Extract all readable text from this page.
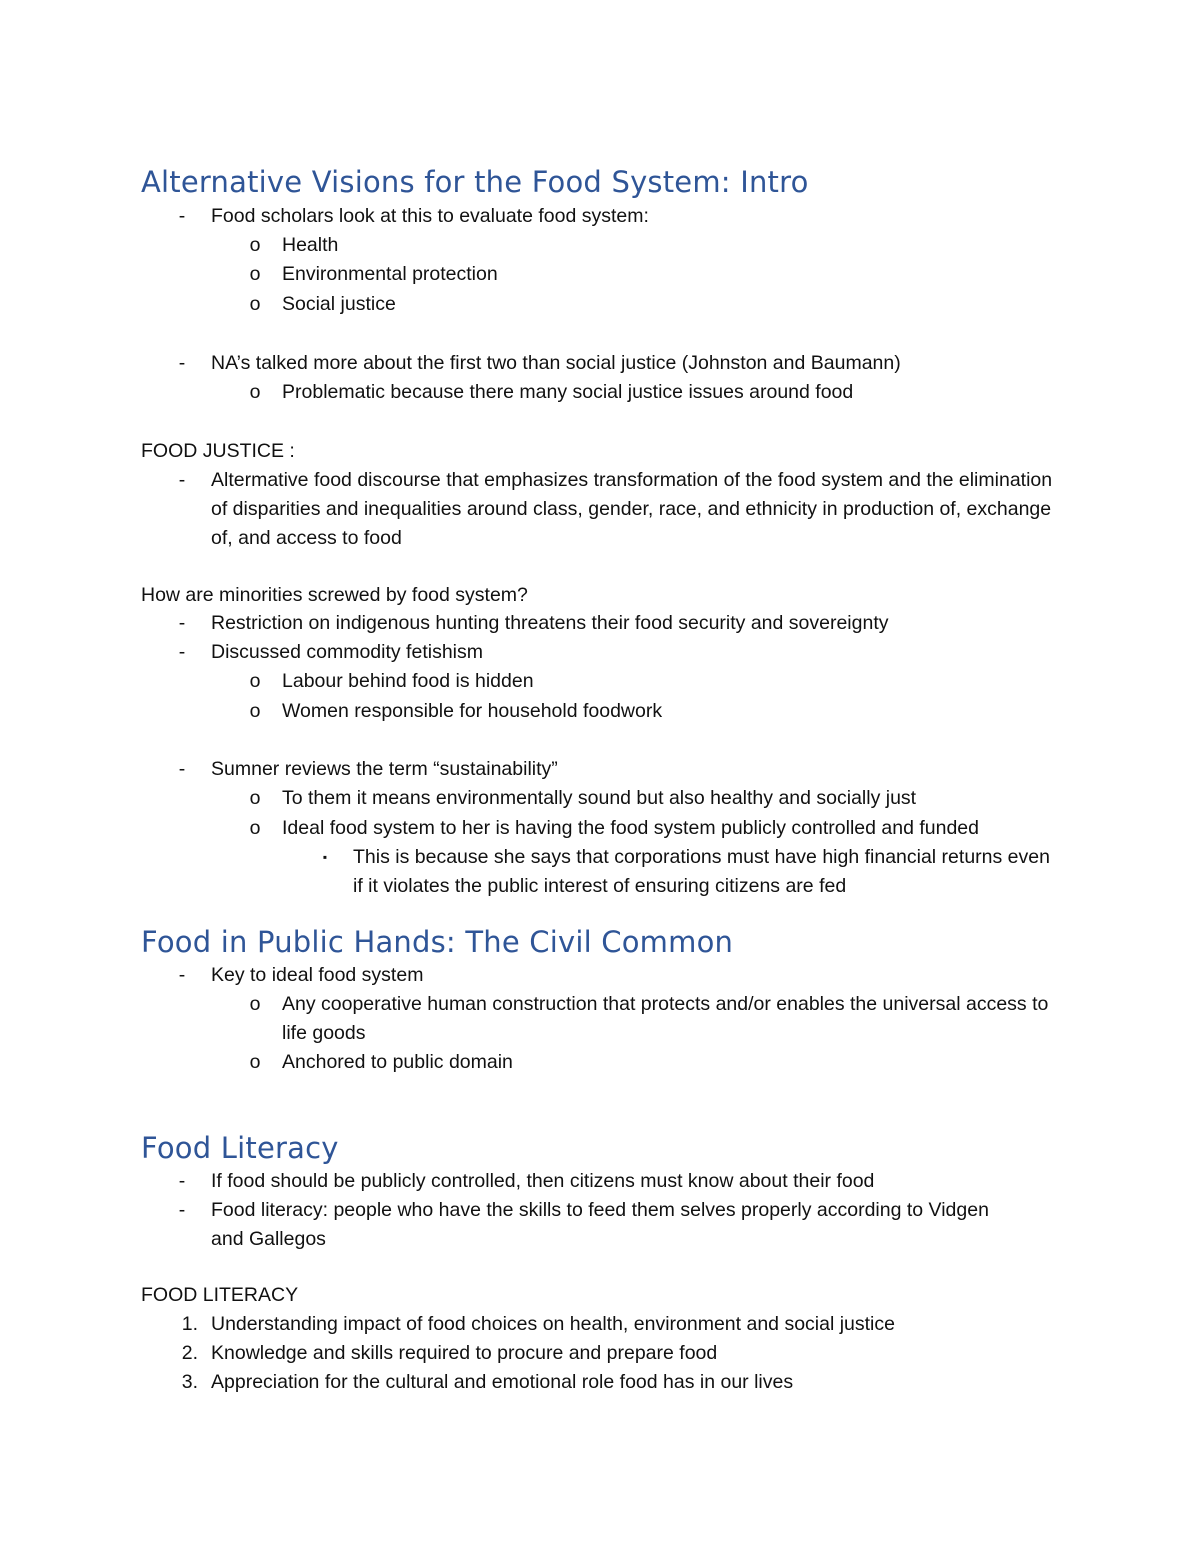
Alternative Visions for the Food System: Intro
-	Food scholars look at this to evaluate food system:

o	Health

o	Environmental protection

o	Social justice

-	NA’s talked more about the first two than social justice (Johnston and Baumann)

o	Problematic because there many social justice issues around food

FOOD JUSTICE :

-	Altermative food discourse that emphasizes transformation of the food system and the elimination of disparities and inequalities around class, gender, race, and ethnicity in production of, exchange of, and access to food

How are minorities screwed by food system?

-	Restriction on indigenous hunting threatens their food security and sovereignty

-	Discussed commodity fetishism

o	Labour behind food is hidden

o	Women responsible for household foodwork

-	Sumner reviews the term “sustainability”

o	To them it means environmentally sound but also healthy and socially just

o	Ideal food system to her is having the food system publicly controlled and funded

▪	This is because she says that corporations must have high financial returns even if it violates the public interest of ensuring citizens are fed

Food in Public Hands: The Civil Common
-	Key to ideal food system

o	Any cooperative human construction that protects and/or enables the universal access to life goods

o	Anchored to public domain

Food Literacy
-	If food should be publicly controlled, then citizens must know about their food

-	Food literacy: people who have the skills to feed them selves properly according to Vidgen and Gallegos

FOOD LITERACY

1. Understanding impact of food choices on health, environment and social justice

2. Knowledge and skills required to procure and prepare food

3. Appreciation for the cultural and emotional role food has in our lives
